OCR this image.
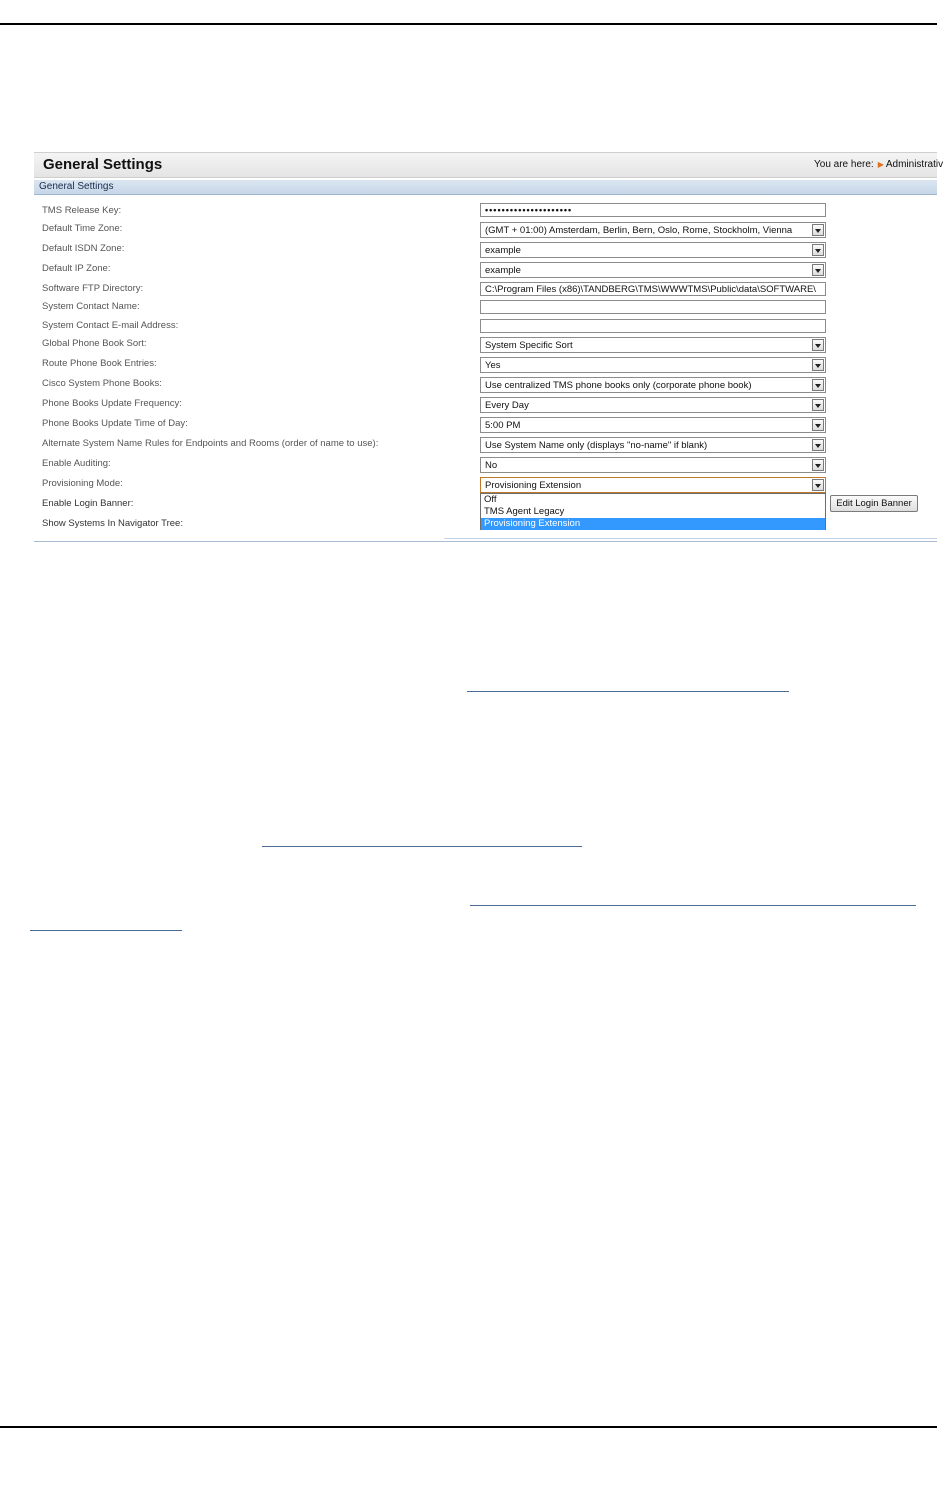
General Settings	You are here: ▶ Administrativ
General Settings
TMS Release Key:
Default Time Zone:
Default ISDN Zone:
Default IP Zone:
Software FTP Directory:
System Contact Name:
System Contact E-mail Address:
Global Phone Book Sort:
Route Phone Book Entries:
Cisco System Phone Books:
Phone Books Update Frequency:
Phone Books Update Time of Day:
Alternate System Name Rules for Endpoints and Rooms (order of name to use):
Enable Auditing:
Provisioning Mode:
Enable Login Banner:
Show Systems In Navigator Tree:
•••••••••••••••••••••
(GMT + 01:00) Amsterdam, Berlin, Bern, Oslo, Rome, Stockholm, Vienna
example
example
C:\Program Files (x86)\TANDBERG\TMS\WWWTMS\Public\data\SOFTWARE\
System Specific Sort
Yes
Use centralized TMS phone books only (corporate phone book)
Every Day
5:00 PM
Use System Name only (displays "no-name" if blank)
No
Provisioning Extension
Off
TMS Agent Legacy
Provisioning Extension
Edit Login Banner
